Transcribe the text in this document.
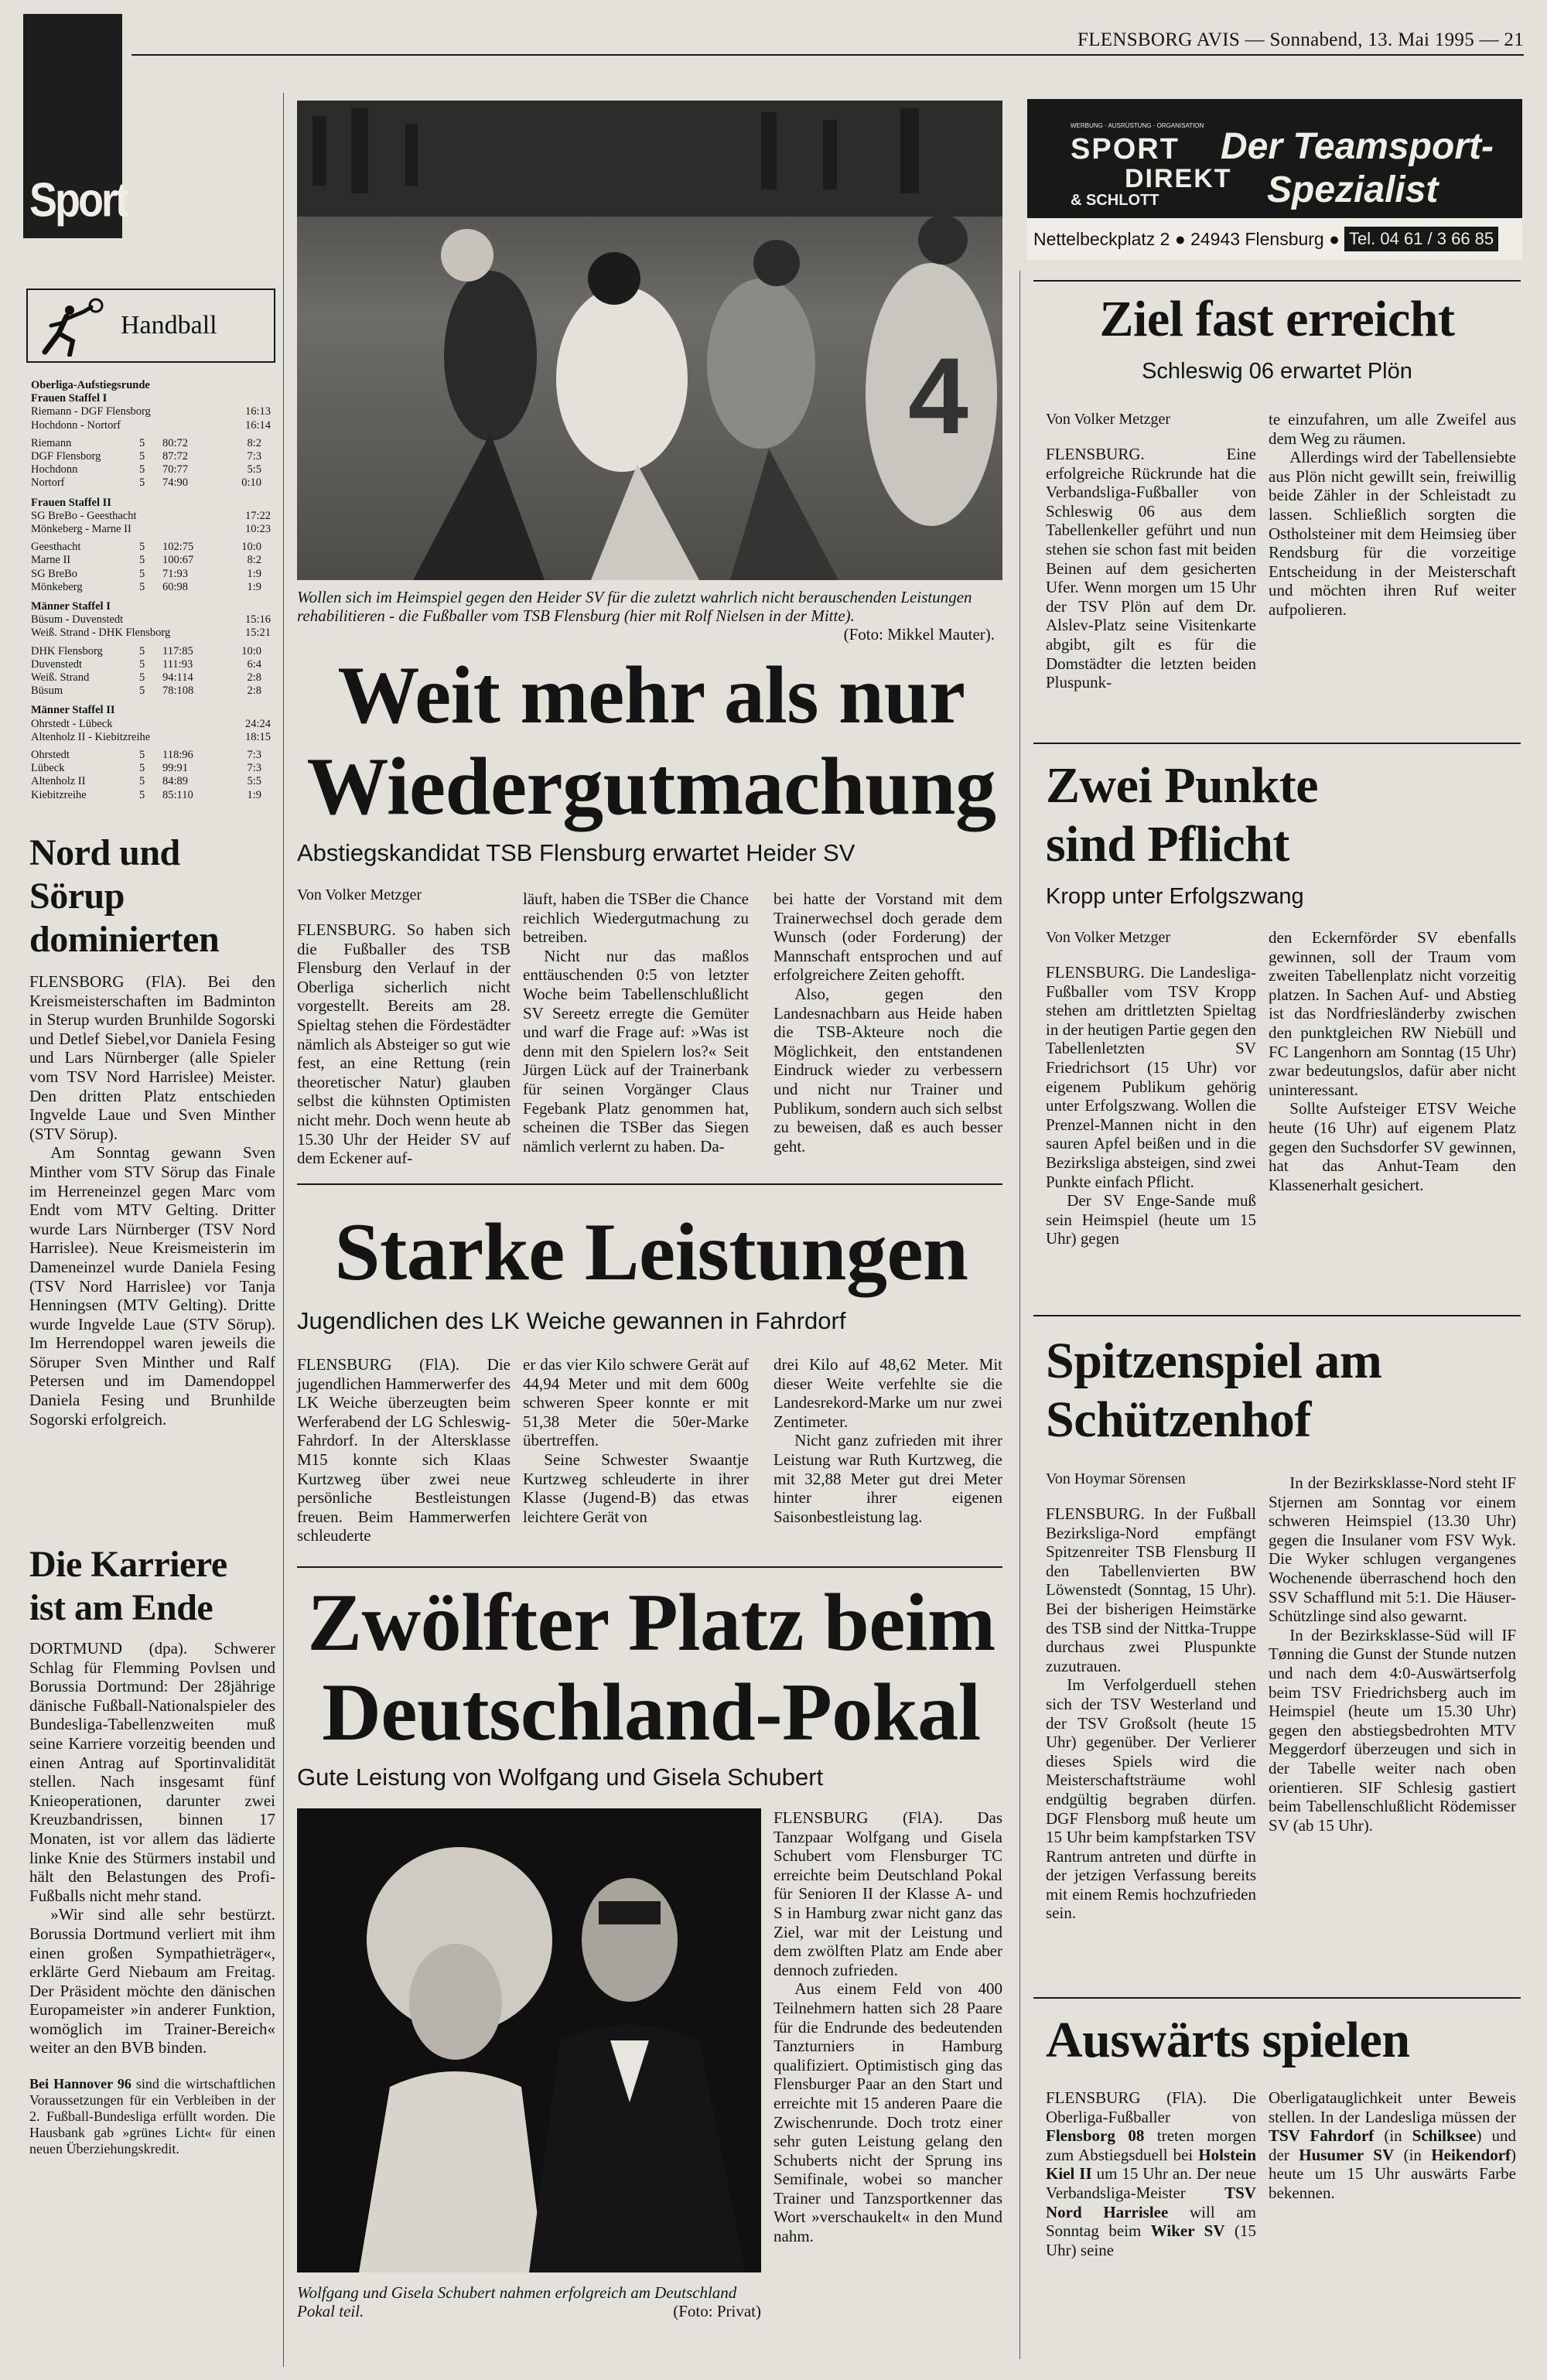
FLENSBORG AVIS — Sonnabend, 13. Mai 1995 — 21
Sport
Handball
Oberliga-Aufstiegsrunde
Frauen Staffel I
Riemann - DGF Flensborg	16:13
Hochdonn - Nortorf	16:14
Riemann	5	80:72	8:2
DGF Flensborg	5	87:72	7:3
Hochdonn	5	70:77	5:5
Nortorf	5	74:90	0:10
Frauen Staffel II
SG BreBo - Geesthacht	17:22
Mönkeberg - Marne II	10:23
Geesthacht	5	102:75	10:0
Marne II	5	100:67	8:2
SG BreBo	5	71:93	1:9
Mönkeberg	5	60:98	1:9
Männer Staffel I
Büsum - Duvenstedt	15:16
Weiß. Strand - DHK Flensborg	15:21
DHK Flensborg	5	117:85	10:0
Duvenstedt	5	111:93	6:4
Weiß. Strand	5	94:114	2:8
Büsum	5	78:108	2:8
Männer Staffel II
Ohrstedt - Lübeck	24:24
Altenholz II - Kiebitzreihe	18:15
Ohrstedt	5	118:96	7:3
Lübeck	5	99:91	7:3
Altenholz II	5	84:89	5:5
Kiebitzreihe	5	85:110	1:9
Nord und
Sörup
dominierten

FLENSBORG (FlA). Bei den Kreismeisterschaften im Badminton in Sterup wurden Brunhilde Sogorski und Detlef Siebel,vor Daniela Fesing und Lars Nürnberger (alle Spieler vom TSV Nord Harrislee) Meister. Den dritten Platz entschieden Ingvelde Laue und Sven Minther (STV Sörup).

Am Sonntag gewann Sven Minther vom STV Sörup das Finale im Herreneinzel gegen Marc vom Endt vom MTV Gelting. Dritter wurde Lars Nürnberger (TSV Nord Harrislee). Neue Kreismeisterin im Dameneinzel wurde Daniela Fesing (TSV Nord Harrislee) vor Tanja Henningsen (MTV Gelting). Dritte wurde Ingvelde Laue (STV Sörup). Im Herrendoppel waren jeweils die Söruper Sven Minther und Ralf Petersen und im Damendoppel Daniela Fesing und Brunhilde Sogorski erfolgreich.

Die Karriere
ist am Ende

DORTMUND (dpa). Schwerer Schlag für Flemming Povlsen und Borussia Dortmund: Der 28jährige dänische Fußball-Nationalspieler des Bundesliga-Tabellenzweiten muß seine Karriere vorzeitig beenden und einen Antrag auf Sportinvalidität stellen. Nach insgesamt fünf Knieoperationen, darunter zwei Kreuzbandrissen, binnen 17 Monaten, ist vor allem das lädierte linke Knie des Stürmers instabil und hält den Belastungen des Profi-Fußballs nicht mehr stand.

»Wir sind alle sehr bestürzt. Borussia Dortmund verliert mit ihm einen großen Sympathieträger«, erklärte Gerd Niebaum am Freitag. Der Präsident möchte den dänischen Europameister »in anderer Funktion, womöglich im Trainer-Bereich« weiter an den BVB binden.

Bei Hannover 96 sind die wirtschaftlichen Voraussetzungen für ein Verbleiben in der 2. Fußball-Bundesliga erfüllt worden. Die Hausbank gab »grünes Licht« für einen neuen Überziehungskredit.

4
Wollen sich im Heimspiel gegen den Heider SV für die zuletzt wahrlich nicht berauschenden Leistungen rehabilitieren - die Fußballer vom TSB Flensburg (hier mit Rolf Nielsen in der Mitte).
(Foto: Mikkel Mauter).
Weit mehr als nur
Wiedergutmachung
Abstiegskandidat TSB Flensburg erwartet Heider SV

Von Volker Metzger

FLENSBURG. So haben sich die Fußballer des TSB Flensburg den Verlauf in der Oberliga sicherlich nicht vorgestellt. Bereits am 28. Spieltag stehen die Fördestädter nämlich als Absteiger so gut wie fest, an eine Rettung (rein theoretischer Natur) glauben selbst die kühnsten Optimisten nicht mehr. Doch wenn heute ab 15.30 Uhr der Heider SV auf dem Eckener auf-

läuft, haben die TSBer die Chance reichlich Wiedergutmachung zu betreiben.

Nicht nur das maßlos enttäuschenden 0:5 von letzter Woche beim Tabellenschlußlicht SV Sereetz erregte die Gemüter und warf die Frage auf: »Was ist denn mit den Spielern los?« Seit Jürgen Lück auf der Trainerbank für seinen Vorgänger Claus Fegebank Platz genommen hat, scheinen die TSBer das Siegen nämlich verlernt zu haben. Da-

bei hatte der Vorstand mit dem Trainerwechsel doch gerade dem Wunsch (oder Forderung) der Mannschaft entsprochen und auf erfolgreichere Zeiten gehofft.

Also, gegen den Landesnachbarn aus Heide haben die TSB-Akteure noch die Möglichkeit, den entstandenen Eindruck wieder zu verbessern und nicht nur Trainer und Publikum, sondern auch sich selbst zu beweisen, daß es auch besser geht.

Starke Leistungen
Jugendlichen des LK Weiche gewannen in Fahrdorf

FLENSBURG (FlA). Die jugendlichen Hammerwerfer des LK Weiche überzeugten beim Werferabend der LG Schleswig-Fahrdorf. In der Altersklasse M15 konnte sich Klaas Kurtzweg über zwei neue persönliche Bestleistungen freuen. Beim Hammerwerfen schleuderte

er das vier Kilo schwere Gerät auf 44,94 Meter und mit dem 600g schweren Speer konnte er mit 51,38 Meter die 50er-Marke übertreffen.

Seine Schwester Swaantje Kurtzweg schleuderte in ihrer Klasse (Jugend-B) das etwas leichtere Gerät von

drei Kilo auf 48,62 Meter. Mit dieser Weite verfehlte sie die Landesrekord-Marke um nur zwei Zentimeter.

Nicht ganz zufrieden mit ihrer Leistung war Ruth Kurtzweg, die mit 32,88 Meter gut drei Meter hinter ihrer eigenen Saisonbestleistung lag.

Zwölfter Platz beim
Deutschland-Pokal
Gute Leistung von Wolfgang und Gisela Schubert
Wolfgang und Gisela Schubert nahmen erfolgreich am Deutschland Pokal teil.	(Foto: Privat)

FLENSBURG (FlA). Das Tanzpaar Wolfgang und Gisela Schubert vom Flensburger TC erreichte beim Deutschland Pokal für Senioren II der Klasse A- und S in Hamburg zwar nicht ganz das Ziel, war mit der Leistung und dem zwölften Platz am Ende aber dennoch zufrieden.

Aus einem Feld von 400 Teilnehmern hatten sich 28 Paare für die Endrunde des bedeutenden Tanzturniers in Hamburg qualifiziert. Optimistisch ging das Flensburger Paar an den Start und erreichte mit 15 anderen Paare die Zwischenrunde. Doch trotz einer sehr guten Leistung gelang den Schuberts nicht der Sprung ins Semifinale, wobei so mancher Trainer und Tanzsportkenner das Wort »verschaukelt« in den Mund nahm.

WERBUNG · AUSRÜSTUNG · ORGANISATION
SPORT
DIREKT
& SCHLOTT
Der Teamsport-
Spezialist
Nettelbeckplatz 2 ● 24943 Flensburg ● Tel. 04 61 / 3 66 85
Ziel fast erreicht
Schleswig 06 erwartet Plön

Von Volker Metzger

FLENSBURG. Eine erfolgreiche Rückrunde hat die Verbandsliga-Fußballer von Schleswig 06 aus dem Tabellenkeller geführt und nun stehen sie schon fast mit beiden Beinen auf dem gesicherten Ufer. Wenn morgen um 15 Uhr der TSV Plön auf dem Dr. Alslev-Platz seine Visitenkarte abgibt, gilt es für die Domstädter die letzten beiden Pluspunk-

te einzufahren, um alle Zweifel aus dem Weg zu räumen.

Allerdings wird der Tabellensiebte aus Plön nicht gewillt sein, freiwillig beide Zähler in der Schleistadt zu lassen. Schließlich sorgten die Ostholsteiner mit dem Heimsieg über Rendsburg für die vorzeitige Entscheidung in der Meisterschaft und möchten ihren Ruf weiter aufpolieren.

Zwei Punkte
sind Pflicht
Kropp unter Erfolgszwang

Von Volker Metzger

FLENSBURG. Die Landesliga-Fußballer vom TSV Kropp stehen am drittletzten Spieltag in der heutigen Partie gegen den Tabellenletzten SV Friedrichsort (15 Uhr) vor eigenem Publikum gehörig unter Erfolgszwang. Wollen die Prenzel-Mannen nicht in den sauren Apfel beißen und in die Bezirksliga absteigen, sind zwei Punkte einfach Pflicht.

Der SV Enge-Sande muß sein Heimspiel (heute um 15 Uhr) gegen

den Eckernförder SV ebenfalls gewinnen, soll der Traum vom zweiten Tabellenplatz nicht vorzeitig platzen. In Sachen Auf- und Abstieg ist das Nordfriesländerby zwischen den punktgleichen RW Niebüll und FC Langenhorn am Sonntag (15 Uhr) zwar bedeutungslos, dafür aber nicht uninteressant.

Sollte Aufsteiger ETSV Weiche heute (16 Uhr) auf eigenem Platz gegen den Suchsdorfer SV gewinnen, hat das Anhut-Team den Klassenerhalt gesichert.

Spitzenspiel am
Schützenhof

Von Hoymar Sörensen

FLENSBURG. In der Fußball Bezirksliga-Nord empfängt Spitzenreiter TSB Flensburg II den Tabellenvierten BW Löwenstedt (Sonntag, 15 Uhr). Bei der bisherigen Heimstärke des TSB sind der Nittka-Truppe durchaus zwei Pluspunkte zuzutrauen.

Im Verfolgerduell stehen sich der TSV Westerland und der TSV Großsolt (heute 15 Uhr) gegenüber. Der Verlierer dieses Spiels wird die Meisterschaftsträume wohl endgültig begraben dürfen. DGF Flensborg muß heute um 15 Uhr beim kampfstarken TSV Rantrum antreten und dürfte in der jetzigen Verfassung bereits mit einem Remis hochzufrieden sein.

In der Bezirksklasse-Nord steht IF Stjernen am Sonntag vor einem schweren Heimspiel (13.30 Uhr) gegen die Insulaner vom FSV Wyk. Die Wyker schlugen vergangenes Wochenende überraschend hoch den SSV Schafflund mit 5:1. Die Häuser-Schützlinge sind also gewarnt.

In der Bezirksklasse-Süd will IF Tønning die Gunst der Stunde nutzen und nach dem 4:0-Auswärtserfolg beim TSV Friedrichsberg auch im Heimspiel (heute um 15.30 Uhr) gegen den abstiegsbedrohten MTV Meggerdorf überzeugen und sich in der Tabelle weiter nach oben orientieren. SIF Schlesig gastiert beim Tabellenschlußlicht Rödemisser SV (ab 15 Uhr).

Auswärts spielen

FLENSBURG (FlA). Die Oberliga-Fußballer von Flensborg 08 treten morgen zum Abstiegsduell bei Holstein Kiel II um 15 Uhr an. Der neue Verbandsliga-Meister TSV Nord Harrislee will am Sonntag beim Wiker SV (15 Uhr) seine

Oberligatauglichkeit unter Beweis stellen. In der Landesliga müssen der TSV Fahrdorf (in Schilksee) und der Husumer SV (in Heikendorf) heute um 15 Uhr auswärts Farbe bekennen.
